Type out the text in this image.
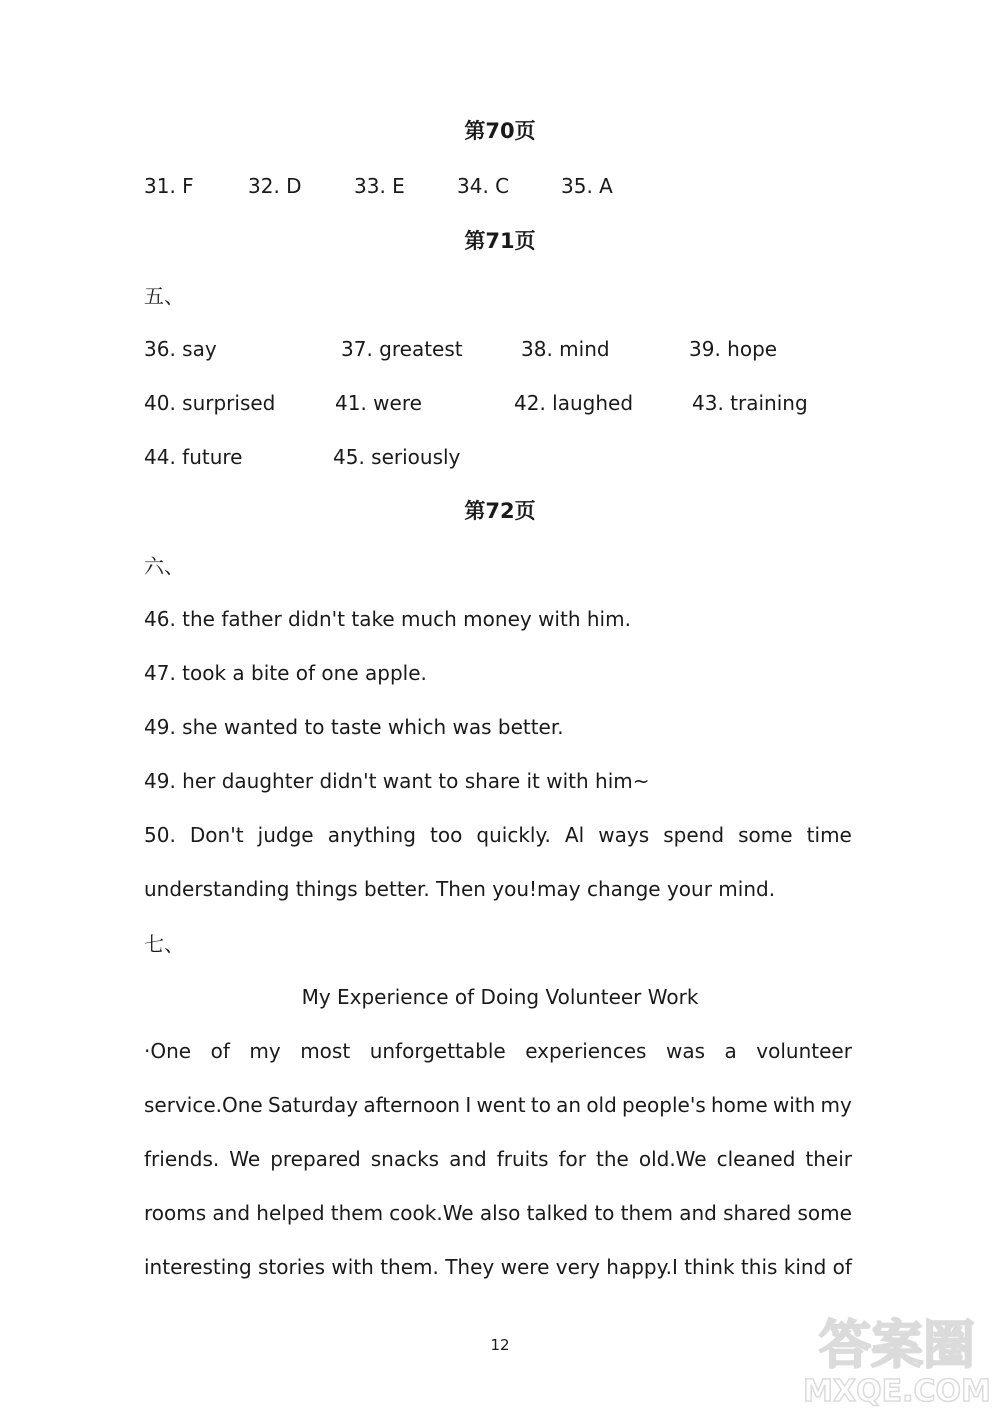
第70页
31. F	32. D	33. E	34. C	35. A
第71页
五、
36. say	37. greatest	38. mind	39. hope
40. surprised	41. were	42. laughed	43. training
44. future	45. seriously
第72页
六、
46. the father didn't take much money with him.
47. took a bite of one apple.
49. she wanted to taste which was better.
49. her daughter didn't want to share it with him~
50. Don't judge anything too quickly. Al ways spend some time
understanding things better. Then you!may change your mind.
七、
My Experience of Doing Volunteer Work
·One of my most unforgettable experiences was a volunteer
service.One Saturday afternoon I went to an old people's home with my
friends. We prepared snacks and fruits for the old.We cleaned their
rooms and helped them cook.We also talked to them and shared some
interesting stories with them. They were very happy.I think this kind of
12	答案圈
MXQE.COM
